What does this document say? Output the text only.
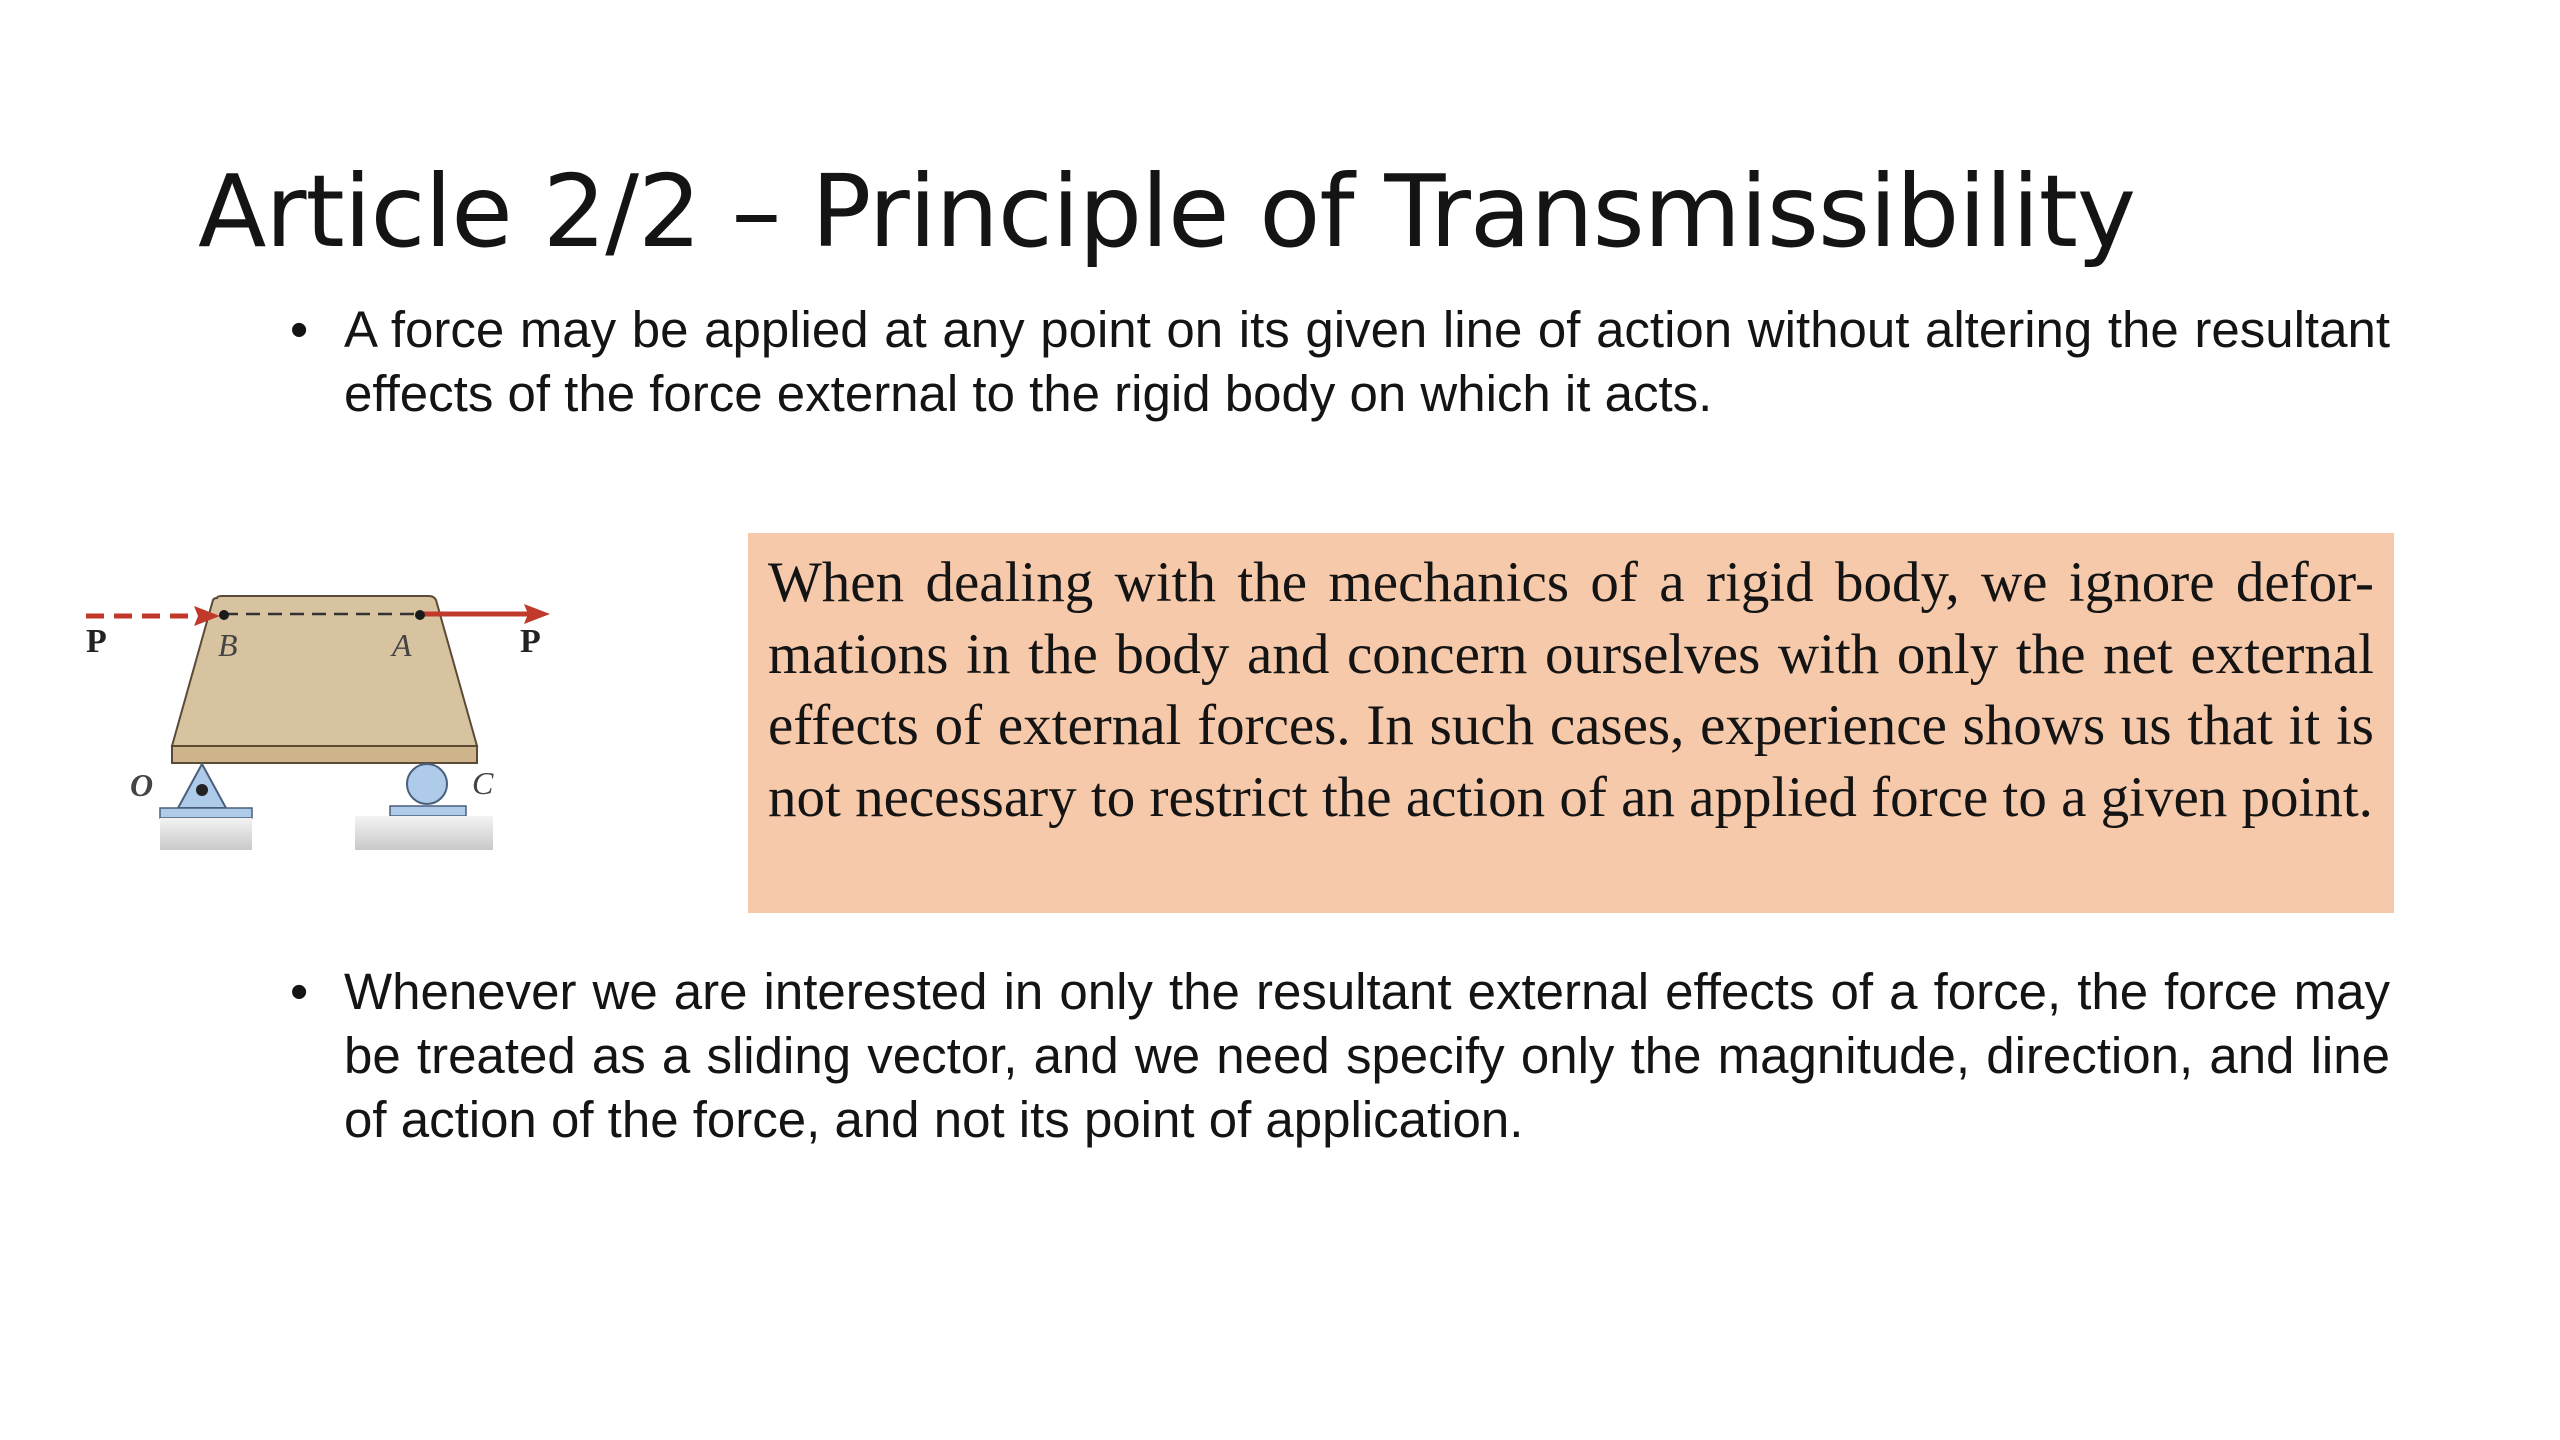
Article 2/2 – Principle of Transmissibility
• A force may be applied at any point on its given line of action without altering the resultant effects of the force external to the rigid body on which it acts.
P	P
B	A
O	C

When dealing with the mechanics of a rigid body, we ignore defor-mations in the body and concern ourselves with only the net external effects of external forces. In such cases, experience shows us that it is not necessary to restrict the action of an applied force to a given point.

• Whenever we are interested in only the resultant external effects of a force, the force may be treated as a sliding vector, and we need specify only the magnitude, direction, and line of action of the force, and not its point of application.
